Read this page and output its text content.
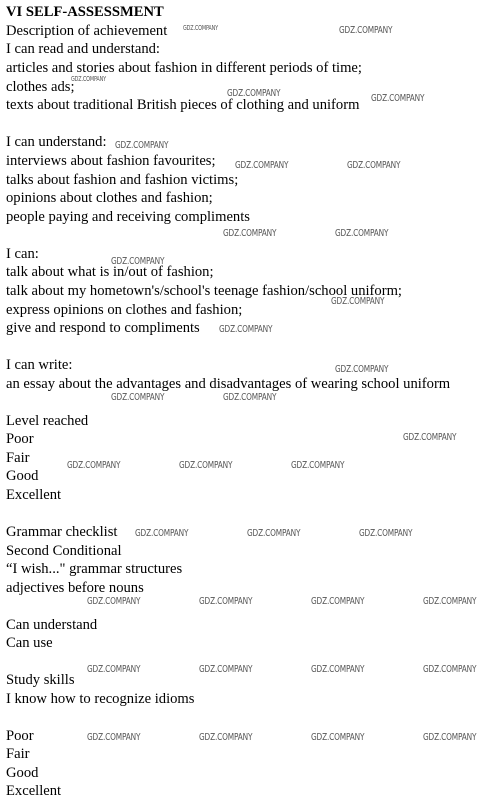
VI SELF-ASSESSMENT
Description of achievement
I can read and understand:
articles and stories about fashion in different periods of time;
clothes ads;
texts about traditional British pieces of clothing and uniform
I can understand:
interviews about fashion favourites;
talks about fashion and fashion victims;
opinions about clothes and fashion;
people paying and receiving compliments
I can:
talk about what is in/out of fashion;
talk about my hometown's/school's teenage fashion/school uniform;
express opinions on clothes and fashion;
give and respond to compliments
I can write:
an essay about the advantages and disadvantages of wearing school uniform
Level reached
Poor
Fair
Good
Excellent
Grammar checklist
Second Conditional
“I wish..." grammar structures
adjectives before nouns
Can understand
Can use
Study skills
I know how to recognize idioms
Poor
Fair
Good
Excellent
GDZ.COMPANY	GDZ.COMPANY
GDZ.COMPANY
GDZ.COMPANY	GDZ.COMPANY
GDZ.COMPANY
GDZ.COMPANY	GDZ.COMPANY
GDZ.COMPANY	GDZ.COMPANY
GDZ.COMPANY
GDZ.COMPANY
GDZ.COMPANY
GDZ.COMPANY
GDZ.COMPANY	GDZ.COMPANY
GDZ.COMPANY
GDZ.COMPANY	GDZ.COMPANY	GDZ.COMPANY
GDZ.COMPANY	GDZ.COMPANY	GDZ.COMPANY
GDZ.COMPANY	GDZ.COMPANY	GDZ.COMPANY	GDZ.COMPANY
GDZ.COMPANY	GDZ.COMPANY	GDZ.COMPANY	GDZ.COMPANY
GDZ.COMPANY	GDZ.COMPANY	GDZ.COMPANY	GDZ.COMPANY
